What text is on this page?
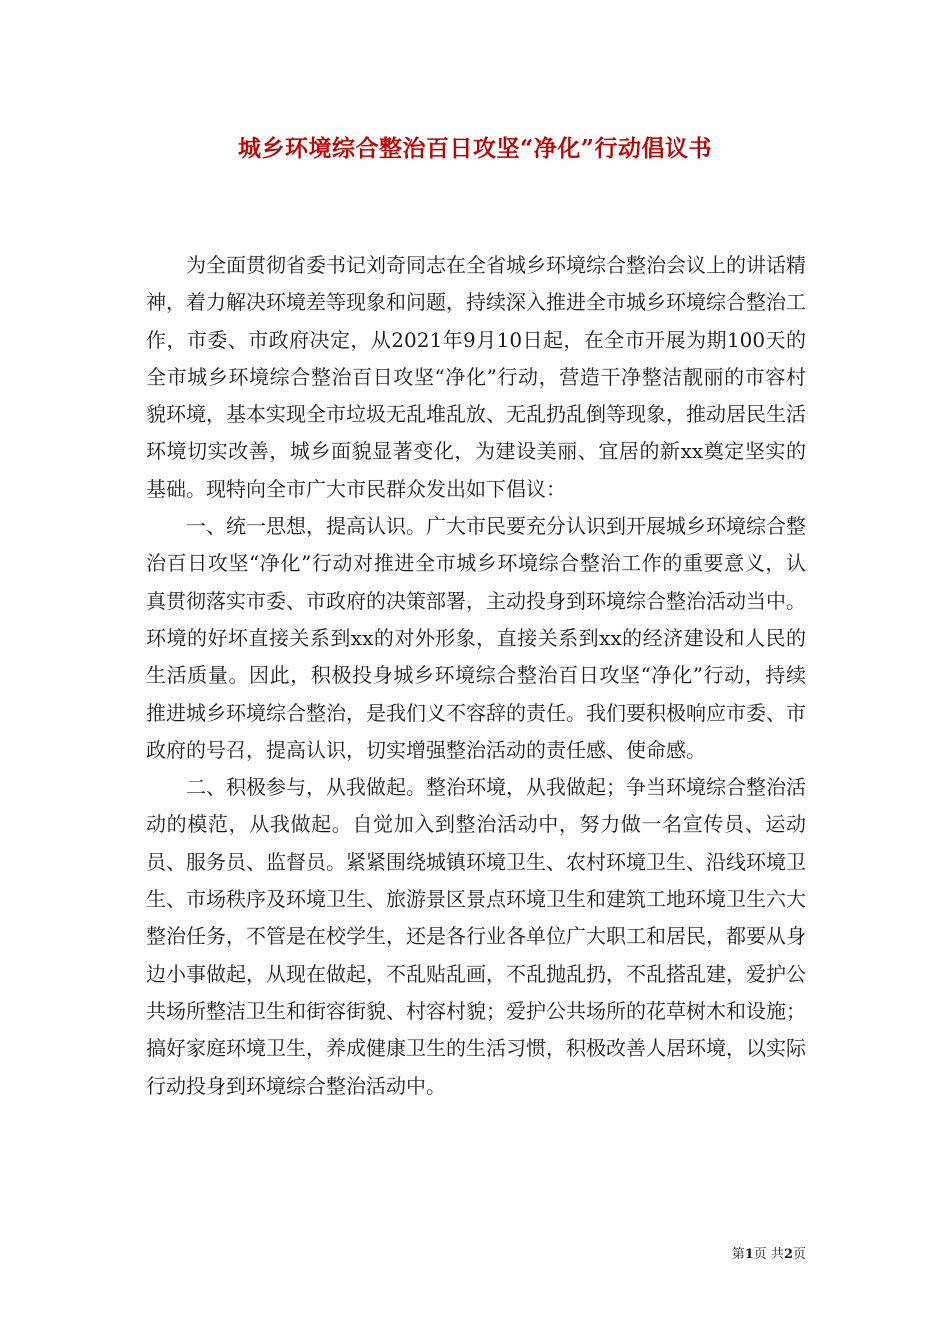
城乡环境综合整治百日攻坚“净化”行动倡议书

为全面贯彻省委书记刘奇同志在全省城乡环境综合整治会议上的讲话精神，着力解决环境差等现象和问题，持续深入推进全市城乡环境综合整治工作，市委、市政府决定，从2021年9月10日起，在全市开展为期100天的全市城乡环境综合整治百日攻坚“净化”行动，营造干净整洁靓丽的市容村貌环境，基本实现全市垃圾无乱堆乱放、无乱扔乱倒等现象，推动居民生活环境切实改善，城乡面貌显著变化，为建设美丽、宜居的新xx奠定坚实的基础。现特向全市广大市民群众发出如下倡议：

一、统一思想，提高认识。广大市民要充分认识到开展城乡环境综合整治百日攻坚“净化”行动对推进全市城乡环境综合整治工作的重要意义，认真贯彻落实市委、市政府的决策部署，主动投身到环境综合整治活动当中。环境的好坏直接关系到xx的对外形象，直接关系到xx的经济建设和人民的生活质量。因此，积极投身城乡环境综合整治百日攻坚“净化”行动，持续推进城乡环境综合整治，是我们义不容辞的责任。我们要积极响应市委、市政府的号召，提高认识，切实增强整治活动的责任感、使命感。

二、积极参与，从我做起。整治环境，从我做起；争当环境综合整治活动的模范，从我做起。自觉加入到整治活动中，努力做一名宣传员、运动员、服务员、监督员。紧紧围绕城镇环境卫生、农村环境卫生、沿线环境卫生、市场秩序及环境卫生、旅游景区景点环境卫生和建筑工地环境卫生六大整治任务，不管是在校学生，还是各行业各单位广大职工和居民，都要从身边小事做起，从现在做起，不乱贴乱画，不乱抛乱扔，不乱搭乱建，爱护公共场所整洁卫生和街容街貌、村容村貌；爱护公共场所的花草树木和设施；搞好家庭环境卫生，养成健康卫生的生活习惯，积极改善人居环境，以实际行动投身到环境综合整治活动中。

第1页 共2页
